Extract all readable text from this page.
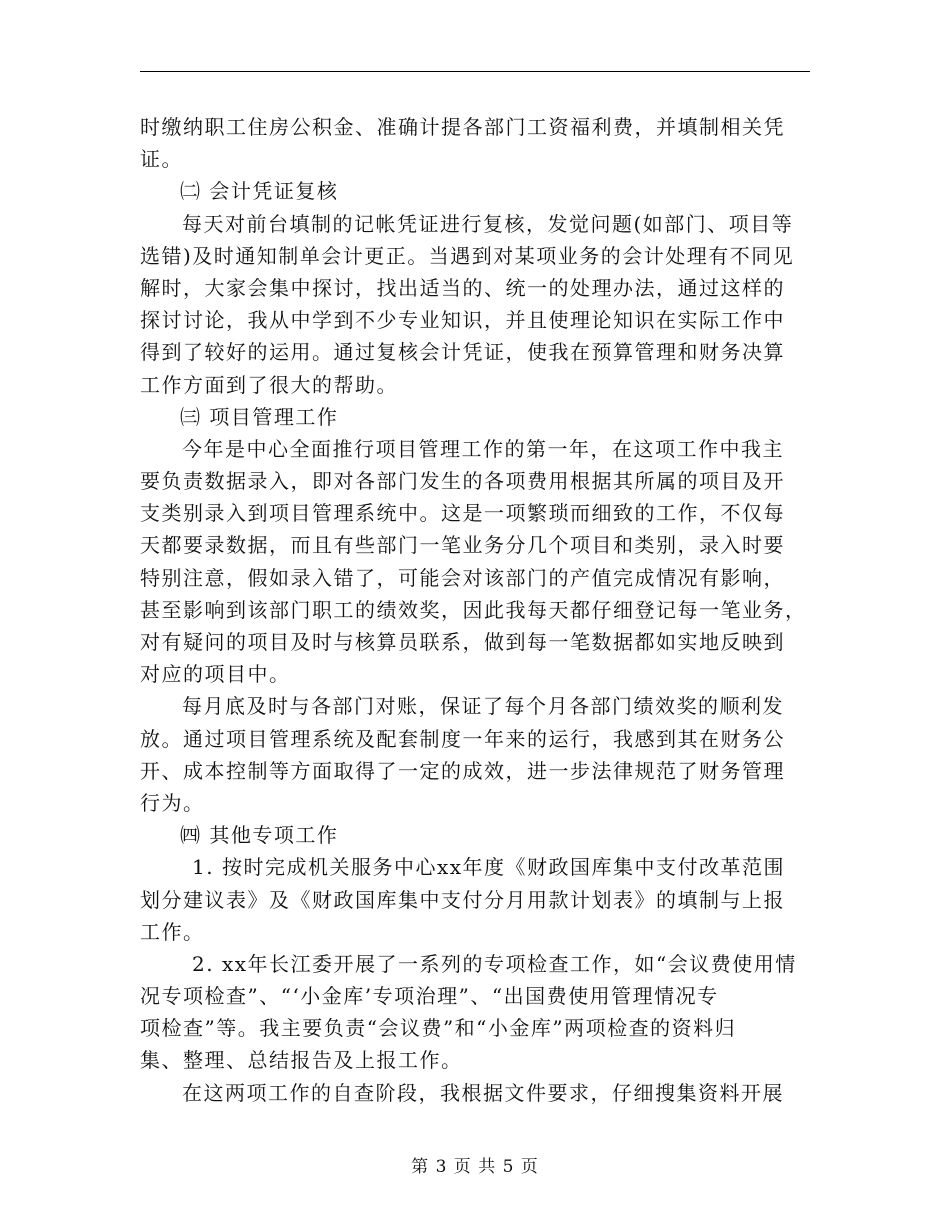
时缴纳职工住房公积金、准确计提各部门工资福利费，并填制相关凭
证。
㈡ 会计凭证复核
每天对前台填制的记帐凭证进行复核，发觉问题(如部门、项目等
选错)及时通知制单会计更正。当遇到对某项业务的会计处理有不同见
解时，大家会集中探讨，找出适当的、统一的处理办法，通过这样的
探讨讨论，我从中学到不少专业知识，并且使理论知识在实际工作中
得到了较好的运用。通过复核会计凭证，使我在预算管理和财务决算
工作方面到了很大的帮助。
㈢ 项目管理工作
今年是中心全面推行项目管理工作的第一年，在这项工作中我主
要负责数据录入，即对各部门发生的各项费用根据其所属的项目及开
支类别录入到项目管理系统中。这是一项繁琐而细致的工作，不仅每
天都要录数据，而且有些部门一笔业务分几个项目和类别，录入时要
特别注意，假如录入错了，可能会对该部门的产值完成情况有影响，
甚至影响到该部门职工的绩效奖，因此我每天都仔细登记每一笔业务，
对有疑问的项目及时与核算员联系，做到每一笔数据都如实地反映到
对应的项目中。
每月底及时与各部门对账，保证了每个月各部门绩效奖的顺利发
放。通过项目管理系统及配套制度一年来的运行，我感到其在财务公
开、成本控制等方面取得了一定的成效，进一步法律规范了财务管理
行为。
㈣ 其他专项工作
1. 按时完成机关服务中心xx年度《财政国库集中支付改革范围
划分建议表》及《财政国库集中支付分月用款计划表》的填制与上报
工作。
2. xx年长江委开展了一系列的专项检查工作，如“会议费使用情
况专项检查”、“‘小金库’专项治理”、“出国费使用管理情况专
项检查”等。我主要负责“会议费”和“小金库”两项检查的资料归
集、整理、总结报告及上报工作。
在这两项工作的自查阶段，我根据文件要求，仔细搜集资料开展
第 3 页 共 5 页
